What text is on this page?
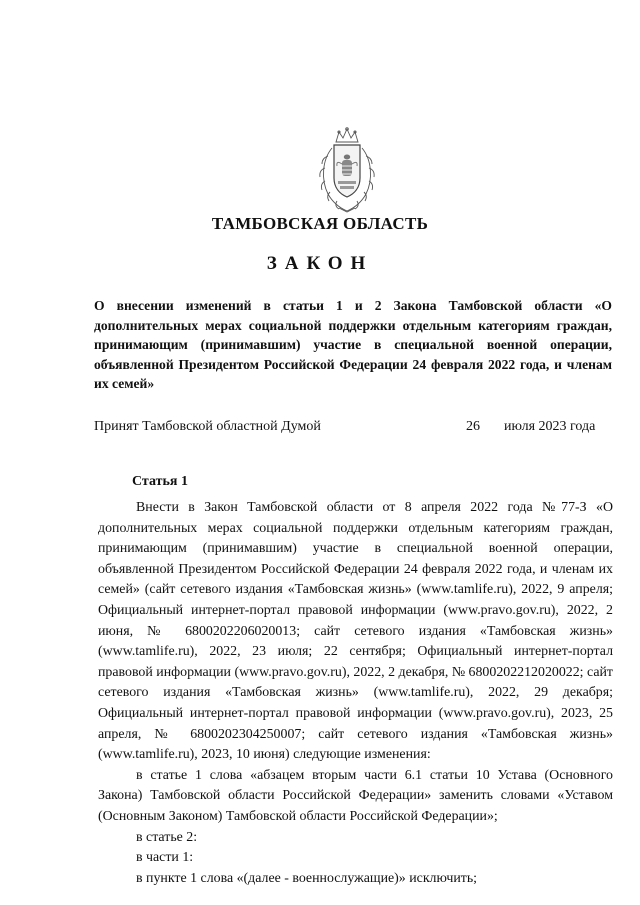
ТАМБОВСКАЯ ОБЛАСТЬ
ЗАКОН
О внесении изменений в статьи 1 и 2 Закона Тамбовской области «О дополнительных мерах социальной поддержки отдельным категориям граждан, принимающим (принимавшим) участие в специальной военной операции, объявленной Президентом Российской Федерации 24 февраля 2022 года, и членам их семей»
Принят Тамбовской областной Думой	26 июля 2023 года
Статья 1

Внести в Закон Тамбовской области от 8 апреля 2022 года №77-З «О дополнительных мерах социальной поддержки отдельным категориям граждан, принимающим (принимавшим) участие в специальной военной операции, объявленной Президентом Российской Федерации 24 февраля 2022 года, и членам их семей» (сайт сетевого издания «Тамбовская жизнь» (www.tamlife.ru), 2022, 9 апреля; Официальный интернет-портал правовой информации (www.pravo.gov.ru), 2022, 2 июня, № 6800202206020013; сайт сетевого издания «Тамбовская жизнь» (www.tamlife.ru), 2022, 23 июля; 22 сентября; Официальный интернет-портал правовой информации (www.pravo.gov.ru), 2022, 2 декабря, № 6800202212020022; сайт сетевого издания «Тамбовская жизнь» (www.tamlife.ru), 2022, 29 декабря; Официальный интернет-портал правовой информации (www.pravo.gov.ru), 2023, 25 апреля, № 6800202304250007; сайт сетевого издания «Тамбовская жизнь» (www.tamlife.ru), 2023, 10 июня) следующие изменения:

в статье 1 слова «абзацем вторым части 6.1 статьи 10 Устава (Основного Закона) Тамбовской области Российской Федерации» заменить словами «Уставом (Основным Законом) Тамбовской области Российской Федерации»;

в статье 2:

в части 1:

в пункте 1 слова «(далее - военнослужащие)» исключить;
